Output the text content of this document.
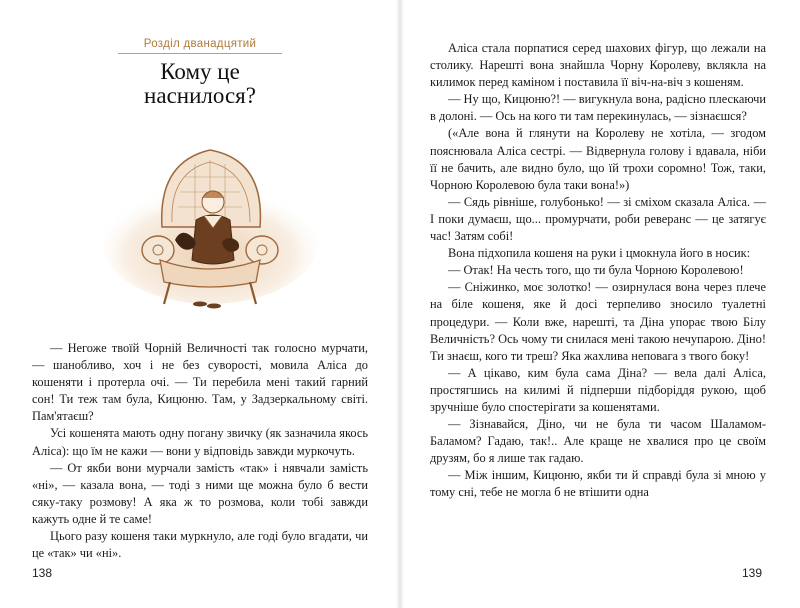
Розділ дванадцятий
Кому це
наснилося?

— Негоже твоїй Чорній Величності так голосно мурчати, — шанобливо, хоч і не без суворості, мовила Аліса до кошеняти і протерла очі. — Ти перебила мені такий гарний сон! Ти теж там була, Кицюню. Там, у Задзеркальному світі. Пам'ятаєш?

Усі кошенята мають одну погану звичку (як зазначила якось Аліса): що їм не кажи — вони у відповідь завжди муркочуть.

— От якби вони мурчали замість «так» і нявчали замість «ні», — казала вона, — тоді з ними ще можна було б вести сяку-таку розмову! А яка ж то розмова, коли тобі завжди кажуть одне й те саме!

Цього разу кошеня таки муркнуло, але годі було вгадати, чи це «так» чи «ні».

138

Аліса стала порпатися серед шахових фігур, що лежали на столику. Нарешті вона знайшла Чорну Королеву, вклякла на килимок перед каміном і поставила її віч-на-віч з кошеням.

— Ну що, Кицюню?! — вигукнула вона, радісно плескаючи в долоні. — Ось на кого ти там перекинулась, — зізнаєшся?

(«Але вона й глянути на Королеву не хотіла, — згодом пояснювала Аліса сестрі. — Відвернула голову і вдавала, ніби її не бачить, але видно було, що їй трохи соромно! Тож, таки, Чорною Королевою була таки вона!»)

— Сядь рівніше, голубонько! — зі сміхом сказала Аліса. — І поки думаєш, що... промурчати, роби реверанс — це затягує час! Затям собі!

Вона підхопила кошеня на руки і цмокнула його в носик:

— Отак! На честь того, що ти була Чорною Королевою!

— Сніжинко, моє золотко! — озирнулася вона через плече на біле кошеня, яке й досі терпеливо зносило туалетні процедури. — Коли вже, нарешті, та Діна упорає твою Білу Величність? Ось чому ти снилася мені такою нечупарою. Діно! Ти знаєш, кого ти треш? Яка жахлива неповага з твого боку!

— А цікаво, ким була сама Діна? — вела далі Аліса, простягшись на килимі й підперши підборіддя рукою, щоб зручніше було спостерігати за кошенятами.

— Зізнавайся, Діно, чи не була ти часом Шаламом-Баламом? Гадаю, так!.. Але краще не хвалися про це своїм друзям, бо я лише так гадаю.

— Між іншим, Кицюню, якби ти й справді була зі мною у тому сні, тебе не могла б не втішити одна

139
